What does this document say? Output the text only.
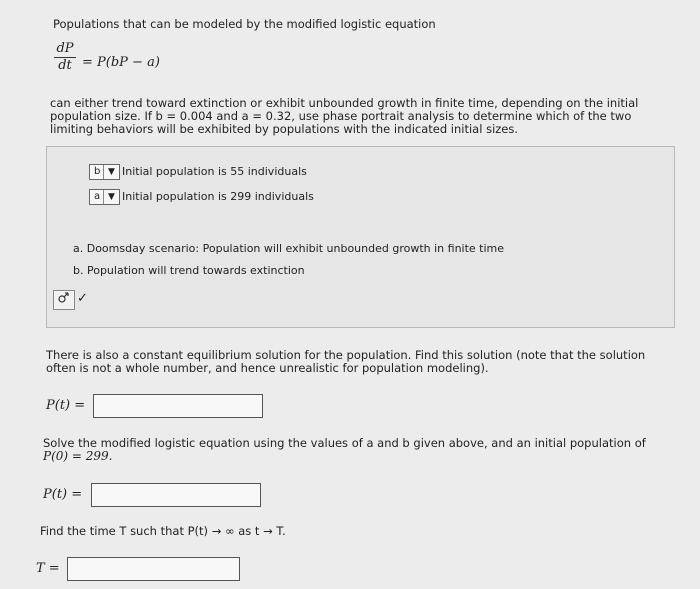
Populations that can be modeled by the modified logistic equation
dP
dt = P(bP − a)
can either trend toward extinction or exhibit unbounded growth in finite time, depending on the initial
population size. If b = 0.004 and a = 0.32, use phase portrait analysis to determine which of the two
limiting behaviors will be exhibited by populations with the indicated initial sizes.
b ▼ Initial population is 55 individuals
a ▼ Initial population is 299 individuals
a. Doomsday scenario: Population will exhibit unbounded growth in finite time
b. Population will trend towards extinction
✓
There is also a constant equilibrium solution for the population. Find this solution (note that the solution
often is not a whole number, and hence unrealistic for population modeling).
P(t) =
Solve the modified logistic equation using the values of a and b given above, and an initial population of
P(0) = 299.
P(t) =
Find the time T such that P(t) → ∞ as t → T.
T =
